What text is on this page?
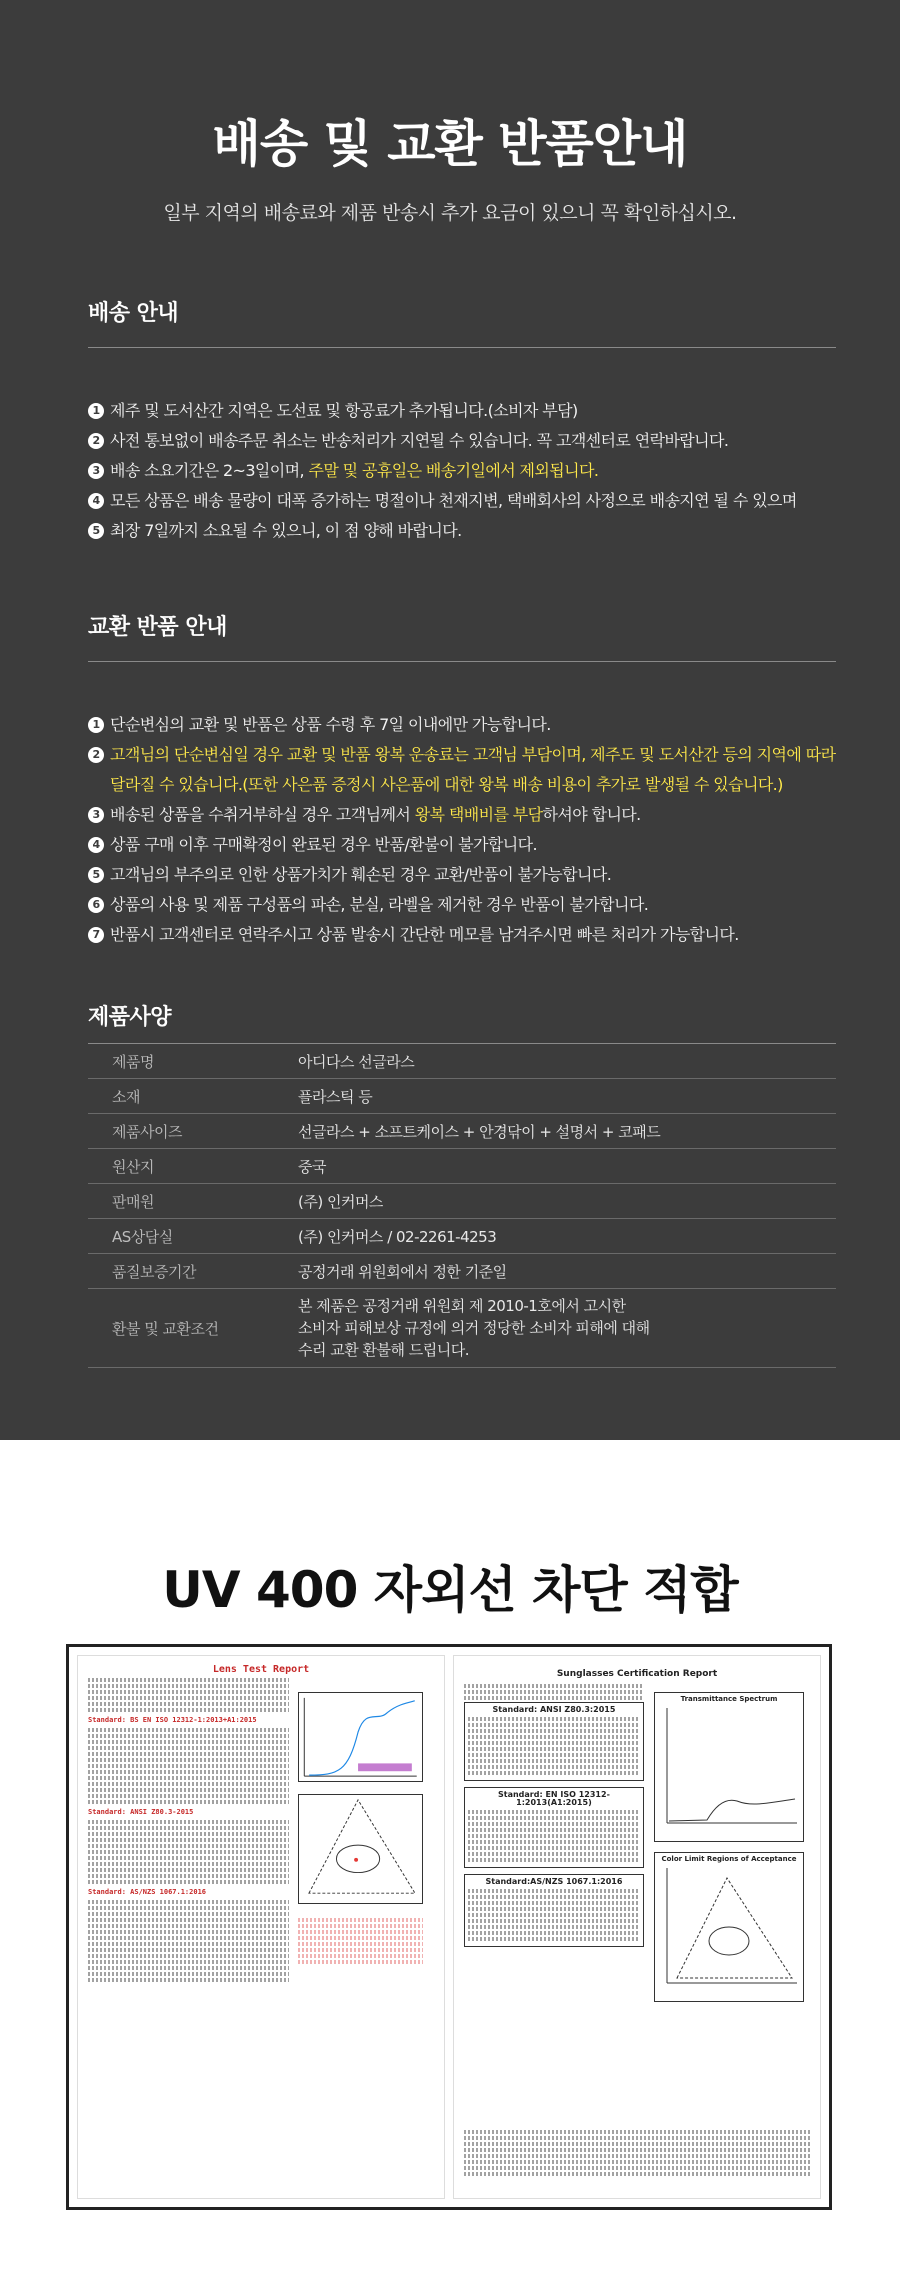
배송 및 교환 반품안내

일부 지역의 배송료와 제품 반송시 추가 요금이 있으니 꼭 확인하십시오.

배송 안내
1 제주 및 도서산간 지역은 도선료 및 항공료가 추가됩니다.(소비자 부담)
2 사전 통보없이 배송주문 취소는 반송처리가 지연될 수 있습니다. 꼭 고객센터로 연락바랍니다.
3 배송 소요기간은 2~3일이며, 주말 및 공휴일은 배송기일에서 제외됩니다.
4 모든 상품은 배송 물량이 대폭 증가하는 명절이나 천재지변, 택배회사의 사정으로 배송지연 될 수 있으며
5 최장 7일까지 소요될 수 있으니, 이 점 양해 바랍니다.
교환 반품 안내
1 단순변심의 교환 및 반품은 상품 수령 후 7일 이내에만 가능합니다.
2 고객님의 단순변심일 경우 교환 및 반품 왕복 운송료는 고객님 부담이며, 제주도 및 도서산간 등의 지역에 따라 달라질 수 있습니다.(또한 사은품 증정시 사은품에 대한 왕복 배송 비용이 추가로 발생될 수 있습니다.)
3 배송된 상품을 수취거부하실 경우 고객님께서 왕복 택배비를 부담하셔야 합니다.
4 상품 구매 이후 구매확정이 완료된 경우 반품/환불이 불가합니다.
5 고객님의 부주의로 인한 상품가치가 훼손된 경우 교환/반품이 불가능합니다.
6 상품의 사용 및 제품 구성품의 파손, 분실, 라벨을 제거한 경우 반품이 불가합니다.
7 반품시 고객센터로 연락주시고 상품 발송시 간단한 메모를 남겨주시면 빠른 처리가 가능합니다.
제품사양
제품명	아디다스 선글라스
소재	플라스틱 등
제품사이즈	선글라스 + 소프트케이스 + 안경닦이 + 설명서 + 코패드
원산지	중국
판매원	(주) 인커머스
AS상담실	(주) 인커머스 / 02-2261-4253
품질보증기간	공정거래 위원회에서 정한 기준일
환불 및 교환조건	본 제품은 공정거래 위원회 제 2010-1호에서 고시한
소비자 피해보상 규정에 의거 정당한 소비자 피해에 대해
수리 교환 환불해 드립니다.
UV 400 자외선 차단 적합
Lens Test Report
Standard: BS EN ISO 12312-1:2013+A1:2015
Standard: ANSI Z80.3-2015
Standard: AS/NZS 1067.1:2016
Sunglasses Certification Report
Standard: ANSI Z80.3:2015
Standard: EN ISO 12312-1:2013(A1:2015)
Standard:AS/NZS 1067.1:2016
Transmittance Spectrum
Color Limit Regions of Acceptance
